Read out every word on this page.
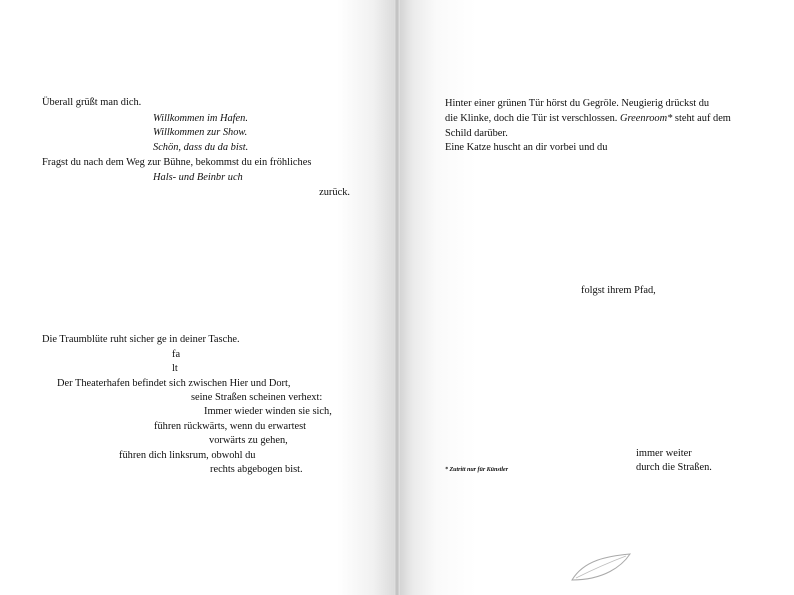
Überall grüßt man dich.
Willkommen im Hafen.
Willkommen zur Show.
Schön, dass du da bist.
Fragst du nach dem Weg zur Bühne, bekommst du ein fröhliches
Hals- und Beinbr uch
zurück.
Die Traumblüte ruht sicher ge in deiner Tasche.
fa
lt
Der Theaterhafen befindet sich zwischen Hier und Dort,
seine Straßen scheinen verhext:
Immer wieder winden sie sich,
führen rückwärts, wenn du erwartest
vorwärts zu gehen,
führen dich linksrum, obwohl du
rechts abgebogen bist.
Hinter einer grünen Tür hörst du Gegröle. Neugierig drückst du
die Klinke, doch die Tür ist verschlossen. Greenroom* steht auf dem
Schild darüber.
Eine Katze huscht an dir vorbei und du
folgst ihrem Pfad,
immer weiter
durch die Straßen.
* Zutritt nur für Künstler
